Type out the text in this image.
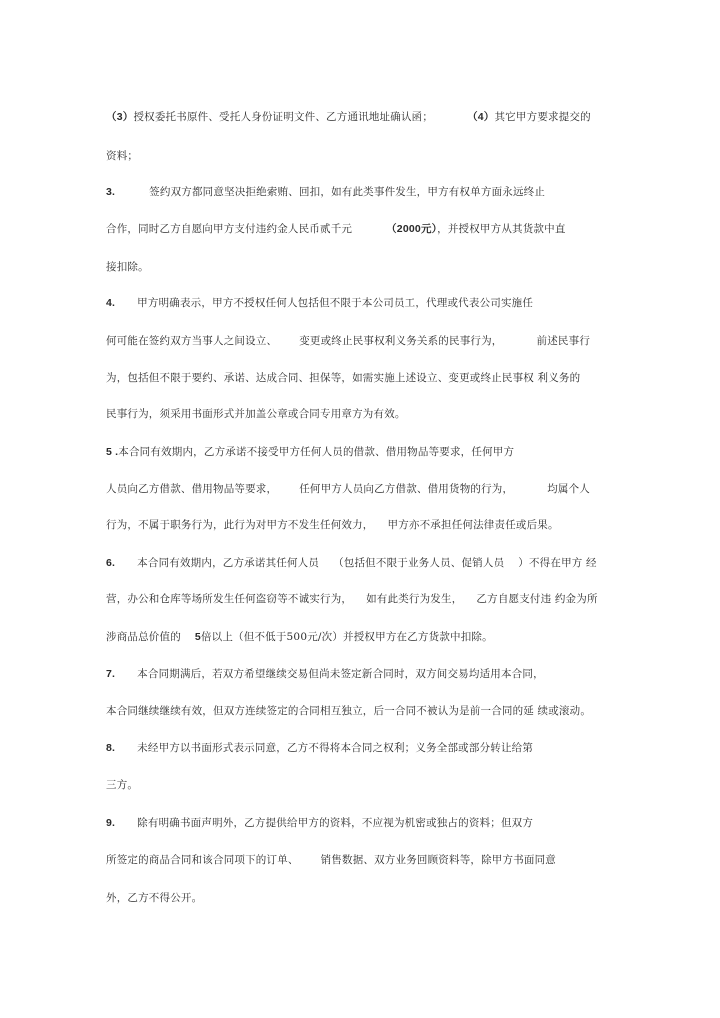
（3）授权委托书原件、受托人身份证明文件、乙方通讯地址确认函；	（4）其它甲方要求提交的
资料；
3.	签约双方都同意坚决拒绝索贿、回扣，如有此类事件发生，甲方有权单方面永远终止
合作，同时乙方自愿向甲方支付违约金人民币贰千元	（2000元），并授权甲方从其货款中直
接扣除。
4. 甲方明确表示，甲方不授权任何人包括但不限于本公司员工，代理或代表公司实施任
何可能在签约双方当事人之间设立、 变更或终止民事权利义务关系的民事行为，	前述民事行
为，包括但不限于要约、承诺、达成合同、担保等，如需实施上述设立、变更或终止民事权 利义务的
民事行为，须采用书面形式并加盖公章或合同专用章方为有效。
5 .本合同有效期内，乙方承诺不接受甲方任何人员的借款、借用物品等要求，任何甲方
人员向乙方借款、借用物品等要求， 任何甲方人员向乙方借款、借用货物的行为，	均属个人
行为，不属于职务行为，此行为对甲方不发生任何效力， 甲方亦不承担任何法律责任或后果。
6. 本合同有效期内，乙方承诺其任何人员 （包括但不限于业务人员、促销人员 ）不得在甲方 经
营，办公和仓库等场所发生任何盗窃等不诚实行为， 如有此类行为发生， 乙方自愿支付违 约金为所
涉商品总价值的 5倍以上（但不低于500元/次）并授权甲方在乙方货款中扣除。
7. 本合同期满后，若双方希望继续交易但尚未签定新合同时，双方间交易均适用本合同，
本合同继续继续有效，但双方连续签定的合同相互独立，后一合同不被认为是前一合同的延 续或滚动。
8. 未经甲方以书面形式表示同意，乙方不得将本合同之权利；义务全部或部分转让给第
三方。
9. 除有明确书面声明外，乙方提供给甲方的资料，不应视为机密或独占的资料；但双方
所签定的商品合同和该合同项下的订单、 销售数据、双方业务回顾资料等，除甲方书面同意
外，乙方不得公开。
